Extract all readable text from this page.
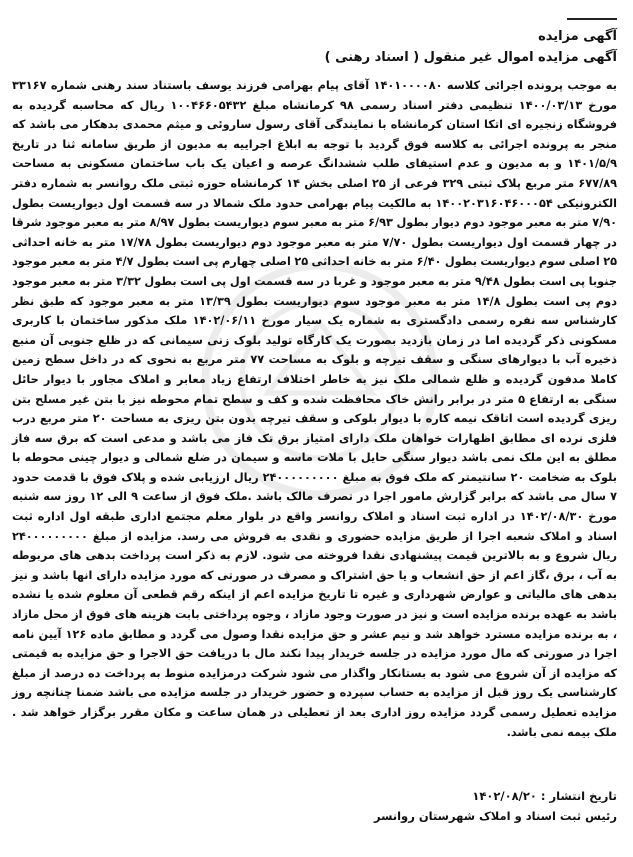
آگهی مزایده
آگهی مزایده اموال غیر منقول ( اسناد رهنی )

به موجب پرونده اجرائی کلاسه ۱۴۰۱۰۰۰۰۸۰ آقای پیام بهرامی فرزند یوسف باستناد سند رهنی شماره ۳۳۱۶۷ مورخ ۱۴۰۰/۰۳/۱۳ تنظیمی دفتر اسناد رسمی ۹۸ کرمانشاه مبلغ ۱۰۰۴۶۶۰۵۴۳۲ ریال که محاسبه گردیده به فروشگاه زنجیره ای اتکا استان کرمانشاه با نمایندگی آقای رسول ساروئی و میثم محمدی بدهکار می باشد که منجر به پرونده اجرائی به کلاسه فوق گردید با توجه به ابلاغ اجراییه به مدیون از طریق سامانه ثنا در تاریخ ۱۴۰۱/۵/۹ و به مدیون و عدم استیفای طلب ششدانگ عرصه و اعیان یک باب ساختمان مسکونی به مساحت ۶۷۷/۸۹ متر مربع پلاک ثبتی ۳۲۹ فرعی از ۲۵ اصلی بخش ۱۴ کرمانشاه حوزه ثبتی ملک روانسر به شماره دفتر الکترونیکی ۱۴۰۰۲۰۳۱۶۰۴۶۰۰۰۵۴ به مالکیت پیام بهرامی حدود ملک شمالا در سه قسمت اول دیواریست بطول ۷/۹۰ متر به معبر موجود دوم دیوار بطول ۶/۹۳ متر به معبر سوم دیواریست بطول ۸/۹۷ متر به معبر موجود شرقا در چهار قسمت اول دیواریست بطول ۷/۷۰ متر به معبر موجود دوم دیواریست بطول ۱۷/۷۸ متر به خانه احداثی ۲۵ اصلی سوم دیواریست بطول ۶/۴۰ متر به خانه احداثی ۲۵ اصلی چهارم پی است بطول ۴/۷ متر به معبر موجود جنوبا پی است بطول ۹/۴۸ متر به معبر موجود و غربا در سه قسمت اول پی است بطول ۳/۳۲ متر به معبر موجود دوم پی است بطول ۱۴/۸ متر به معبر موجود سوم دیواریست بطول ۱۳/۳۹ متر به معبر موجود که طبق نظر کارشناس سه نفره رسمی دادگستری به شماره یک سیار مورخ ۱۴۰۲/۰۶/۱۱ ملک مذکور ساختمان با کاربری مسکونی ذکر گردیده اما در زمان بازدید بصورت یک کارگاه تولید بلوک زنی سیمانی که در ظلع جنوبی آن منبع ذخیره آب با دیوارهای سنگی و سقف تیرچه و بلوک به مساحت ۷۷ متر مربع به نحوی که در داخل سطح زمین کاملا مدفون گردیده و ظلع شمالی ملک نیز به خاطر اختلاف ارتفاع زیاد معابر و املاک مجاور با دیوار حائل سنگی به ارتفاع ۵ متر در برابر رانش خاک محافظت شده و کف و سطح تمام محوطه نیز با بتن غیر مسلح بتن ریزی گردیده است اتاقک نیمه کاره با دیوار بلوکی و سقف تیرچه بدون بتن ریزی به مساحت ۲۰ متر مربع درب فلزی نرده ای مطابق اظهارات خواهان ملک دارای امتیاز برق تک فاز می باشد و مدعی است که برق سه فاز مطلق به این ملک نمی باشد دیوار سنگی حایل با ملات ماسه و سیمان در ضلع شمالی و دیوار چینی محوطه با بلوک به ضخامت ۲۰ سانتیمتر که ملک فوق به مبلغ ۲۴۰۰۰۰۰۰۰۰۰ ریال ارزیابی شده و پلاک فوق با قدمت حدود ۷ سال می باشد که برابر گزارش مامور اجرا در تصرف مالک باشد .ملک فوق از ساعت ۹ الی ۱۲ روز سه شنبه مورخ ۱۴۰۲/۰۸/۳۰ در اداره ثبت اسناد و املاک روانسر واقع در بلوار معلم مجتمع اداری طبقه اول اداره ثبت اسناد و املاک شعبه اجرا از طریق مزایده حضوری و نقدی به فروش می رسد. مزایده از مبلغ ۲۴۰۰۰۰۰۰۰۰۰ ریال شروع و به بالاترین قیمت پیشنهادی نقدا فروخته می شود. لازم به ذکر است پرداخت بدهی های مربوطه به آب ، برق ،گاز اعم از حق انشعاب و یا حق اشتراک و مصرف در صورتی که مورد مزایده دارای انها باشد و نیز بدهی های مالیاتی و عوارض شهرداری و غیره تا تاریخ مزایده اعم از اینکه رقم قطعی آن معلوم شده یا نشده باشد به عهده برنده مزایده است و نیز در صورت وجود مازاد ، وجوه پرداختی بابت هزینه های فوق از محل مازاد ، به برنده مزایده مسترد خواهد شد و نیم عشر و حق مزایده نقدا وصول می گردد و مطابق ماده ۱۲۶ آیین نامه اجرا در صورتی که مال مورد مزایده در جلسه خریدار پیدا نکند مال با دریافت حق الاجرا و حق مزایده به قیمتی که مزایده از آن شروع می شود به بستانکار واگذار می شود شرکت درمزایده منوط به پرداخت ده درصد از مبلغ کارشناسی یک روز قبل از مزایده به حساب سپرده و حضور خریدار در جلسه مزایده می باشد ضمنا چنانچه روز مزایده تعطیل رسمی گردد مزایده روز اداری بعد از تعطیلی در همان ساعت و مکان مقرر برگزار خواهد شد . ملک بیمه نمی باشد.

تاریخ انتشار : ۱۴۰۲/۰۸/۲۰
رئیس ثبت اسناد و املاک شهرستان روانسر
